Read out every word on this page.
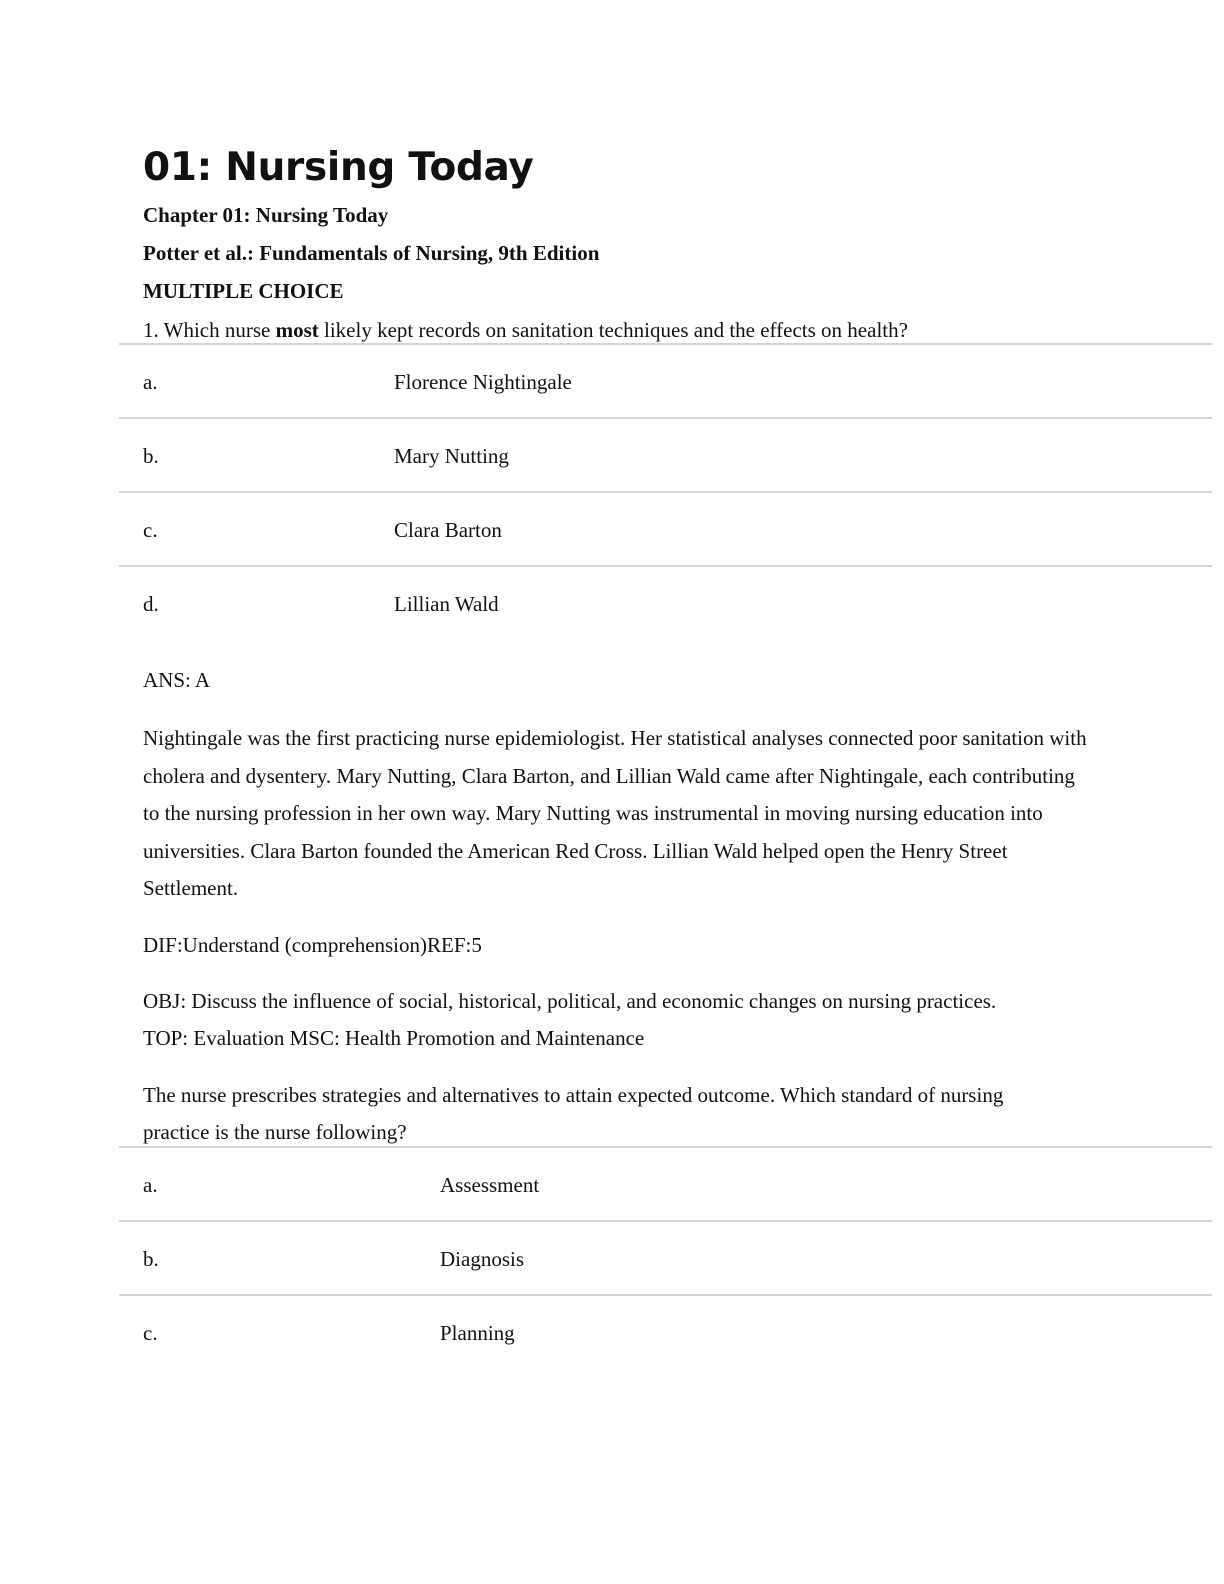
01: Nursing Today

Chapter 01: Nursing Today

Potter et al.: Fundamentals of Nursing, 9th Edition

MULTIPLE CHOICE

1. Which nurse most likely kept records on sanitation techniques and the effects on health?

a.	Florence Nightingale
b.	Mary Nutting
c.	Clara Barton
d.	Lillian Wald

ANS: A

Nightingale was the first practicing nurse epidemiologist. Her statistical analyses connected poor sanitation with cholera and dysentery. Mary Nutting, Clara Barton, and Lillian Wald came after Nightingale, each contributing to the nursing profession in her own way. Mary Nutting was instrumental in moving nursing education into universities. Clara Barton founded the American Red Cross. Lillian Wald helped open the Henry Street Settlement.

DIF:Understand (comprehension)REF:5

OBJ: Discuss the influence of social, historical, political, and economic changes on nursing practices.

TOP: Evaluation MSC: Health Promotion and Maintenance

The nurse prescribes strategies and alternatives to attain expected outcome. Which standard of nursing practice is the nurse following?

a.	Assessment
b.	Diagnosis
c.	Planning
